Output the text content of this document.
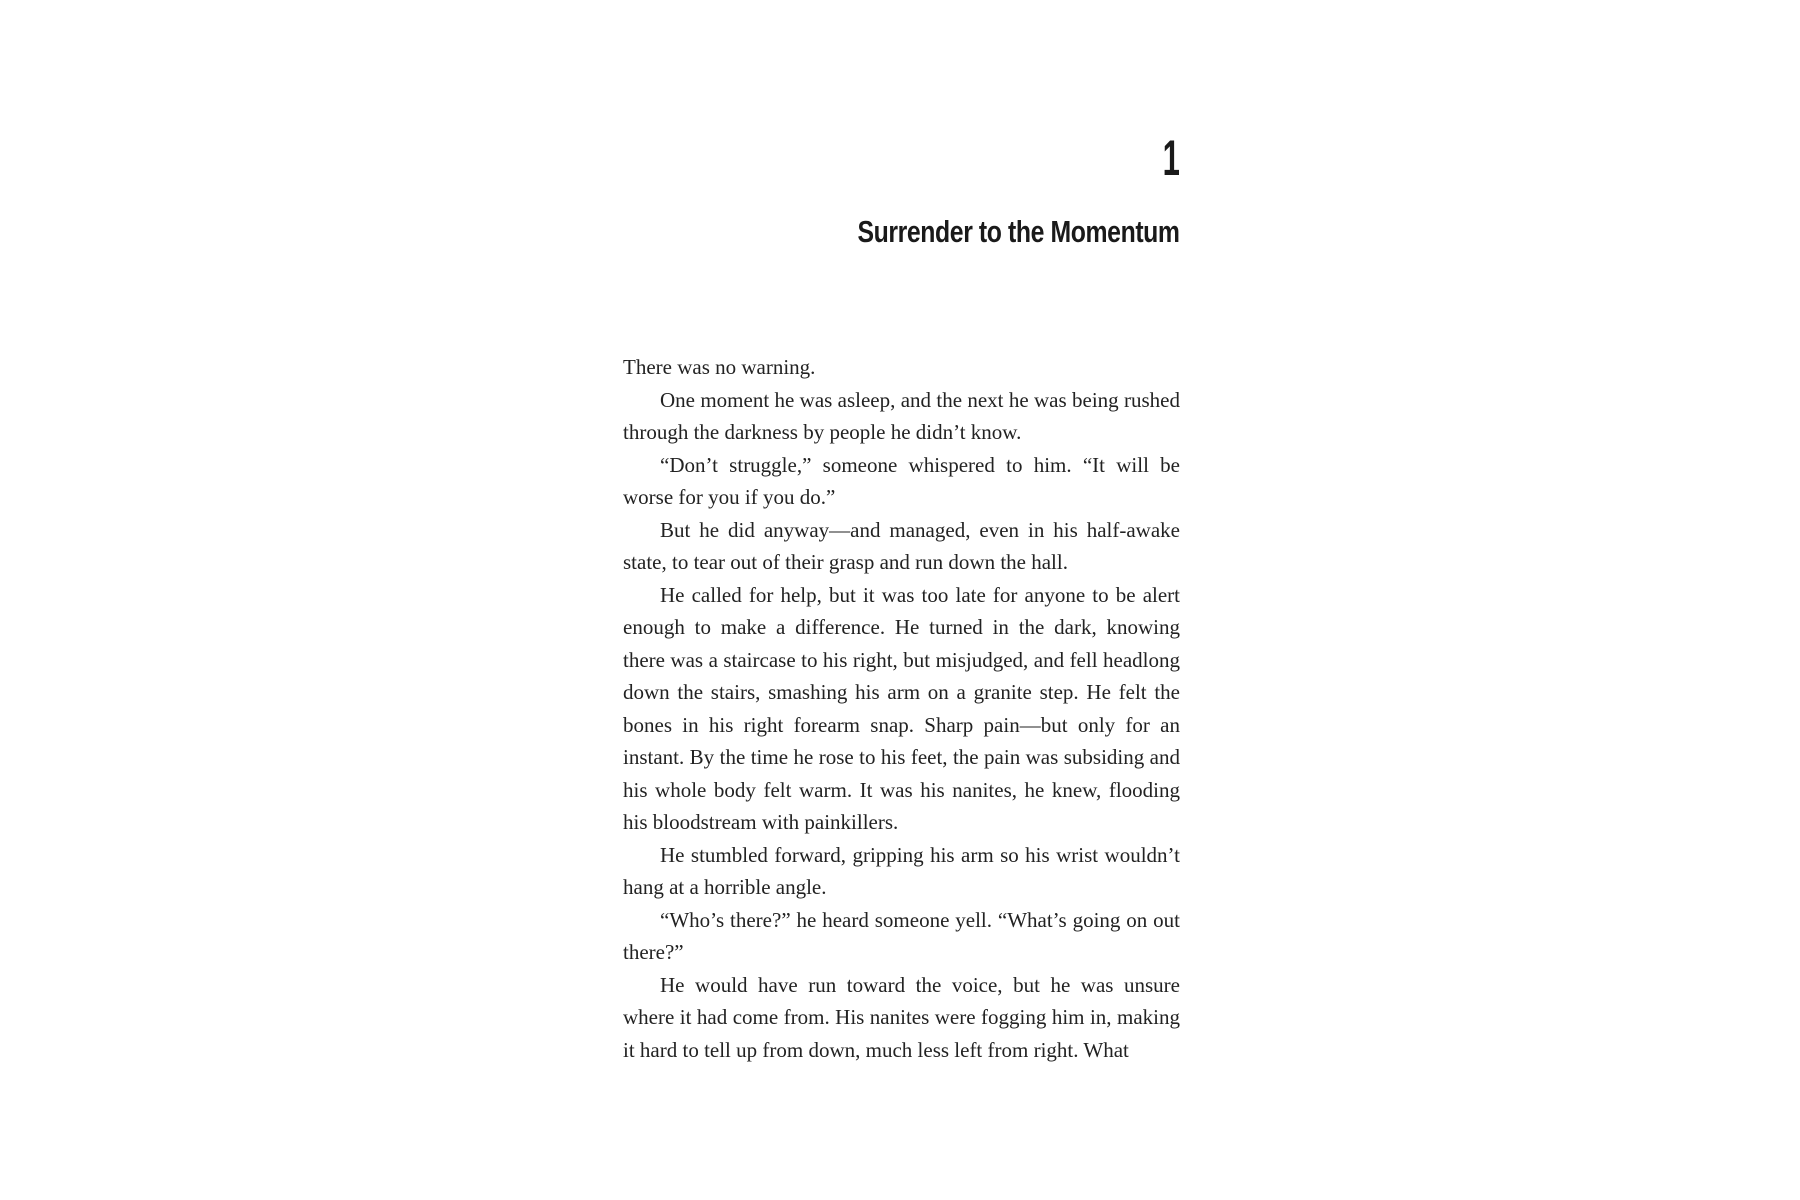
1
Surrender to the Momentum

There was no warning.

One moment he was asleep, and the next he was being rushed through the darkness by people he didn’t know.

“Don’t struggle,” someone whispered to him. “It will be worse for you if you do.”

But he did anyway—and managed, even in his half-awake state, to tear out of their grasp and run down the hall.

He called for help, but it was too late for anyone to be alert enough to make a difference. He turned in the dark, knowing there was a staircase to his right, but misjudged, and fell headlong down the stairs, smashing his arm on a granite step. He felt the bones in his right forearm snap. Sharp pain—but only for an instant. By the time he rose to his feet, the pain was subsiding and his whole body felt warm. It was his nanites, he knew, flooding his bloodstream with painkillers.

He stumbled forward, gripping his arm so his wrist wouldn’t hang at a horrible angle.

“Who’s there?” he heard someone yell. “What’s going on out there?”

He would have run toward the voice, but he was unsure where it had come from. His nanites were fogging him in, making it hard to tell up from down, much less left from right. What
